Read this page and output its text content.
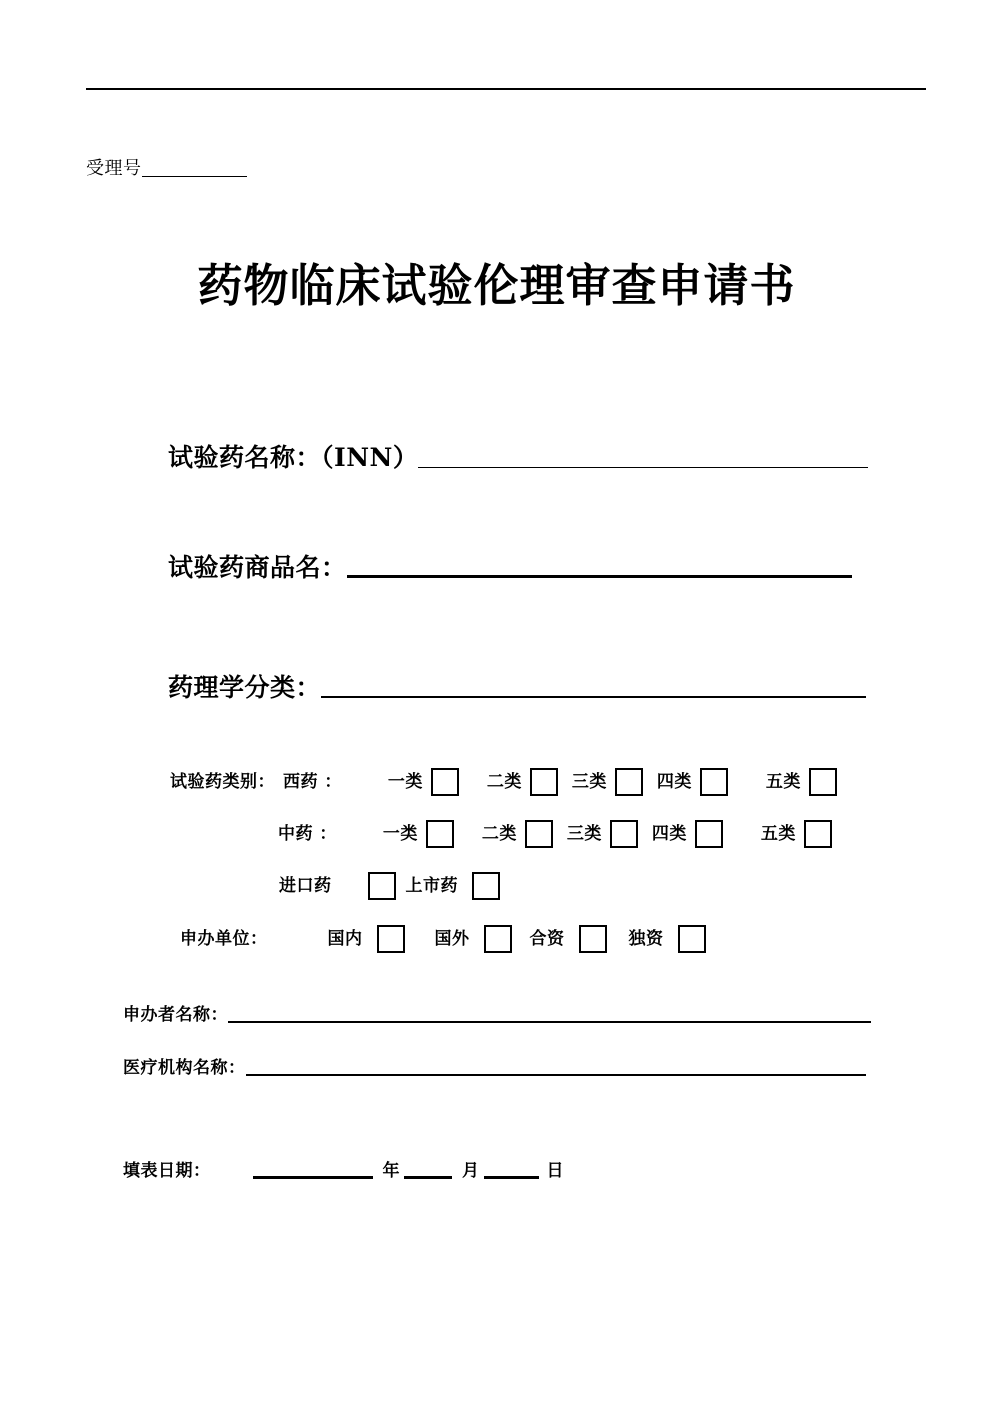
受理号
药物临床试验伦理审查申请书
试验药名称：（INN）
试验药商品名：
药理学分类：
试验药类别： 西药 ：	一类	二类	三类	四类	五类
中药 ：	一类	二类	三类	四类	五类
进口药	上市药
申办单位：	国内	国外	合资	独资
申办者名称：
医疗机构名称：
填表日期：	年	月	日
